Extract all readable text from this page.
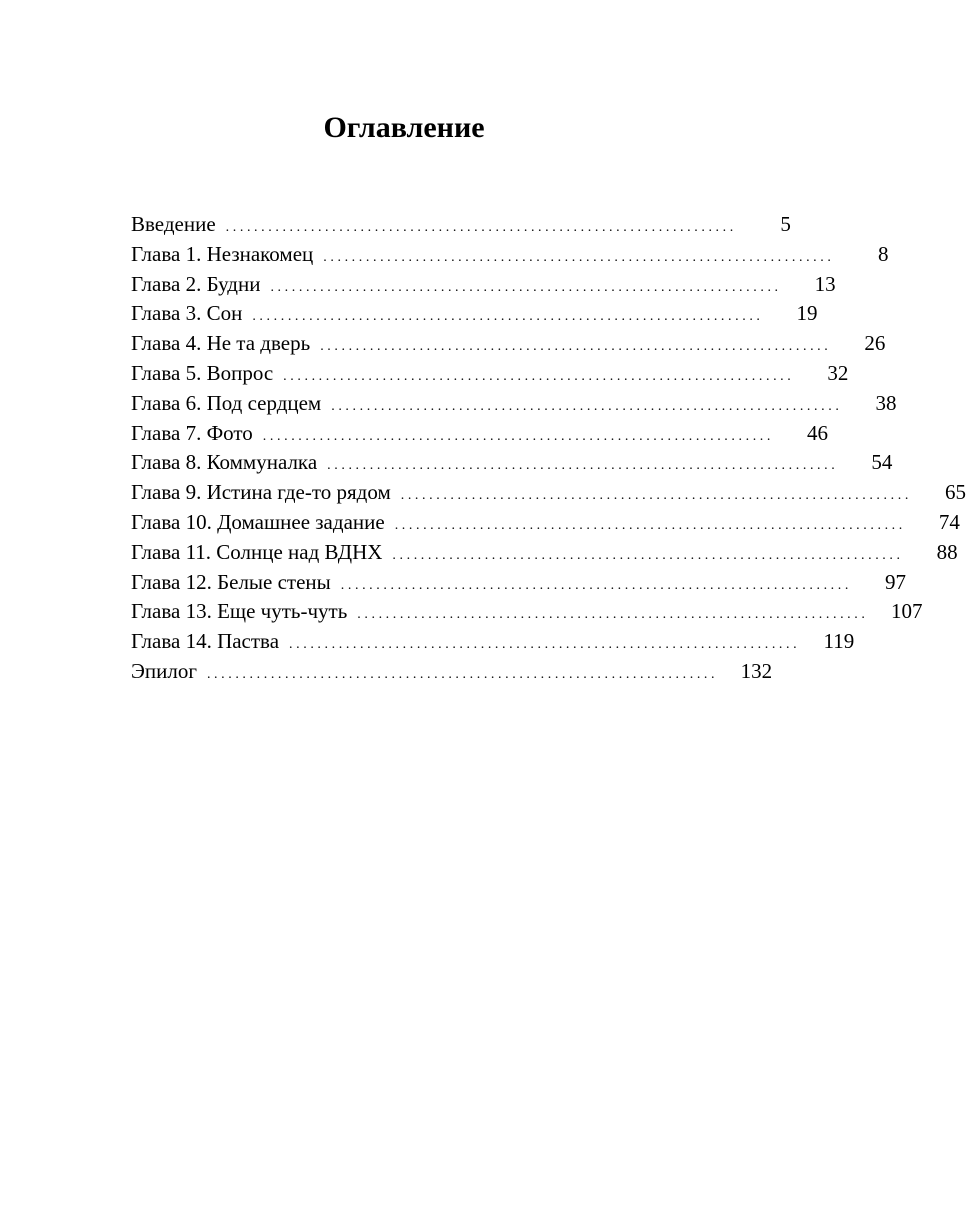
Оглавление
Введение ........................................................................	5
Глава 1. Незнакомец ........................................................................	8
Глава 2. Будни ........................................................................	13
Глава 3. Сон ........................................................................	19
Глава 4. Не та дверь ........................................................................	26
Глава 5. Вопрос ........................................................................	32
Глава 6. Под сердцем ........................................................................	38
Глава 7. Фото ........................................................................	46
Глава 8. Коммуналка ........................................................................	54
Глава 9. Истина где-то рядом ........................................................................	65
Глава 10. Домашнее задание ........................................................................	74
Глава 11. Солнце над ВДНХ ........................................................................	88
Глава 12. Белые стены ........................................................................	97
Глава 13. Еще чуть-чуть ........................................................................	107
Глава 14. Паства ........................................................................	119
Эпилог ........................................................................	132
